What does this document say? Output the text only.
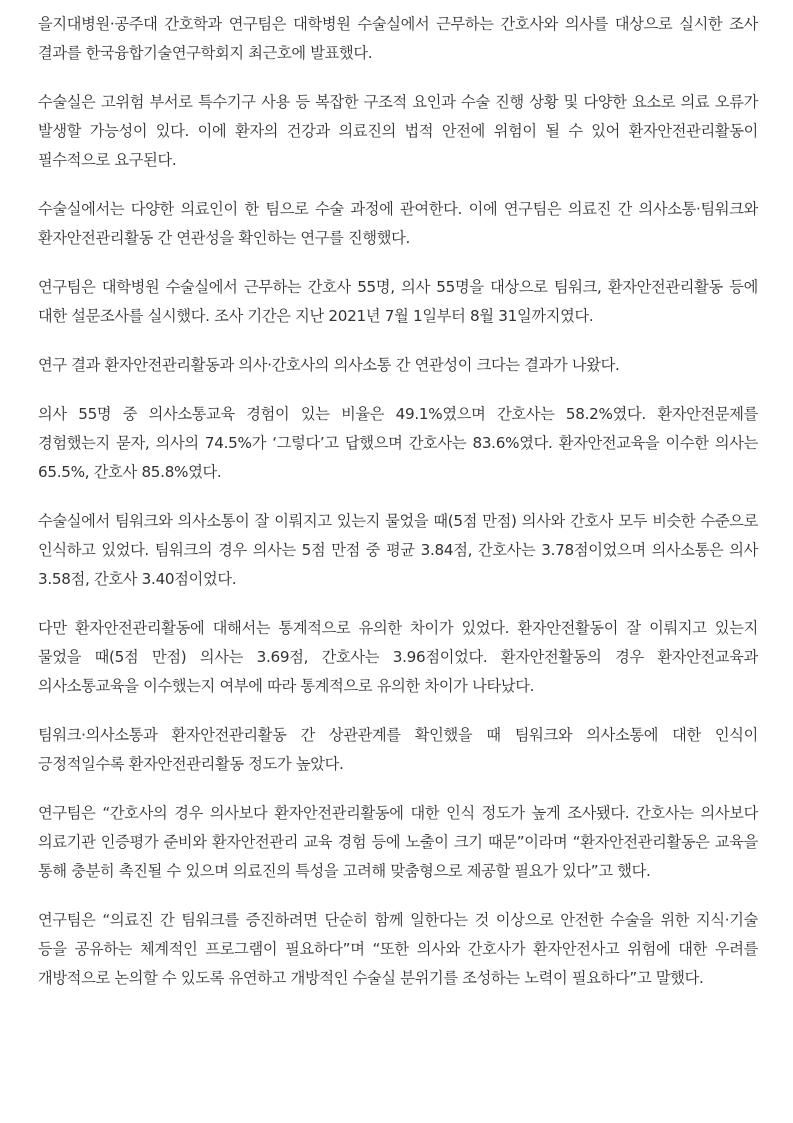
을지대병원·공주대 간호학과 연구팀은 대학병원 수술실에서 근무하는 간호사와 의사를 대상으로 실시한 조사 결과를 한국융합기술연구학회지 최근호에 발표했다.

수술실은 고위험 부서로 특수기구 사용 등 복잡한 구조적 요인과 수술 진행 상황 및 다양한 요소로 의료 오류가 발생할 가능성이 있다. 이에 환자의 건강과 의료진의 법적 안전에 위험이 될 수 있어 환자안전관리활동이 필수적으로 요구된다.

수술실에서는 다양한 의료인이 한 팀으로 수술 과정에 관여한다. 이에 연구팀은 의료진 간 의사소통·팀워크와 환자안전관리활동 간 연관성을 확인하는 연구를 진행했다.

연구팀은 대학병원 수술실에서 근무하는 간호사 55명, 의사 55명을 대상으로 팀워크, 환자안전관리활동 등에 대한 설문조사를 실시했다. 조사 기간은 지난 2021년 7월 1일부터 8월 31일까지였다.

연구 결과 환자안전관리활동과 의사·간호사의 의사소통 간 연관성이 크다는 결과가 나왔다.

의사 55명 중 의사소통교육 경험이 있는 비율은 49.1%였으며 간호사는 58.2%였다. 환자안전문제를 경험했는지 묻자, 의사의 74.5%가 ‘그렇다’고 답했으며 간호사는 83.6%였다. 환자안전교육을 이수한 의사는 65.5%, 간호사 85.8%였다.

수술실에서 팀워크와 의사소통이 잘 이뤄지고 있는지 물었을 때(5점 만점) 의사와 간호사 모두 비슷한 수준으로 인식하고 있었다. 팀워크의 경우 의사는 5점 만점 중 평균 3.84점, 간호사는 3.78점이었으며 의사소통은 의사 3.58점, 간호사 3.40점이었다.

다만 환자안전관리활동에 대해서는 통계적으로 유의한 차이가 있었다. 환자안전활동이 잘 이뤄지고 있는지 물었을 때(5점 만점) 의사는 3.69점, 간호사는 3.96점이었다. 환자안전활동의 경우 환자안전교육과 의사소통교육을 이수했는지 여부에 따라 통계적으로 유의한 차이가 나타났다.

팀워크·의사소통과 환자안전관리활동 간 상관관계를 확인했을 때 팀워크와 의사소통에 대한 인식이 긍정적일수록 환자안전관리활동 정도가 높았다.

연구팀은 “간호사의 경우 의사보다 환자안전관리활동에 대한 인식 정도가 높게 조사됐다. 간호사는 의사보다 의료기관 인증평가 준비와 환자안전관리 교육 경험 등에 노출이 크기 때문”이라며 “환자안전관리활동은 교육을 통해 충분히 촉진될 수 있으며 의료진의 특성을 고려해 맞춤형으로 제공할 필요가 있다”고 했다.

연구팀은 “의료진 간 팀워크를 증진하려면 단순히 함께 일한다는 것 이상으로 안전한 수술을 위한 지식·기술 등을 공유하는 체계적인 프로그램이 필요하다”며 “또한 의사와 간호사가 환자안전사고 위험에 대한 우려를 개방적으로 논의할 수 있도록 유연하고 개방적인 수술실 분위기를 조성하는 노력이 필요하다”고 말했다.
